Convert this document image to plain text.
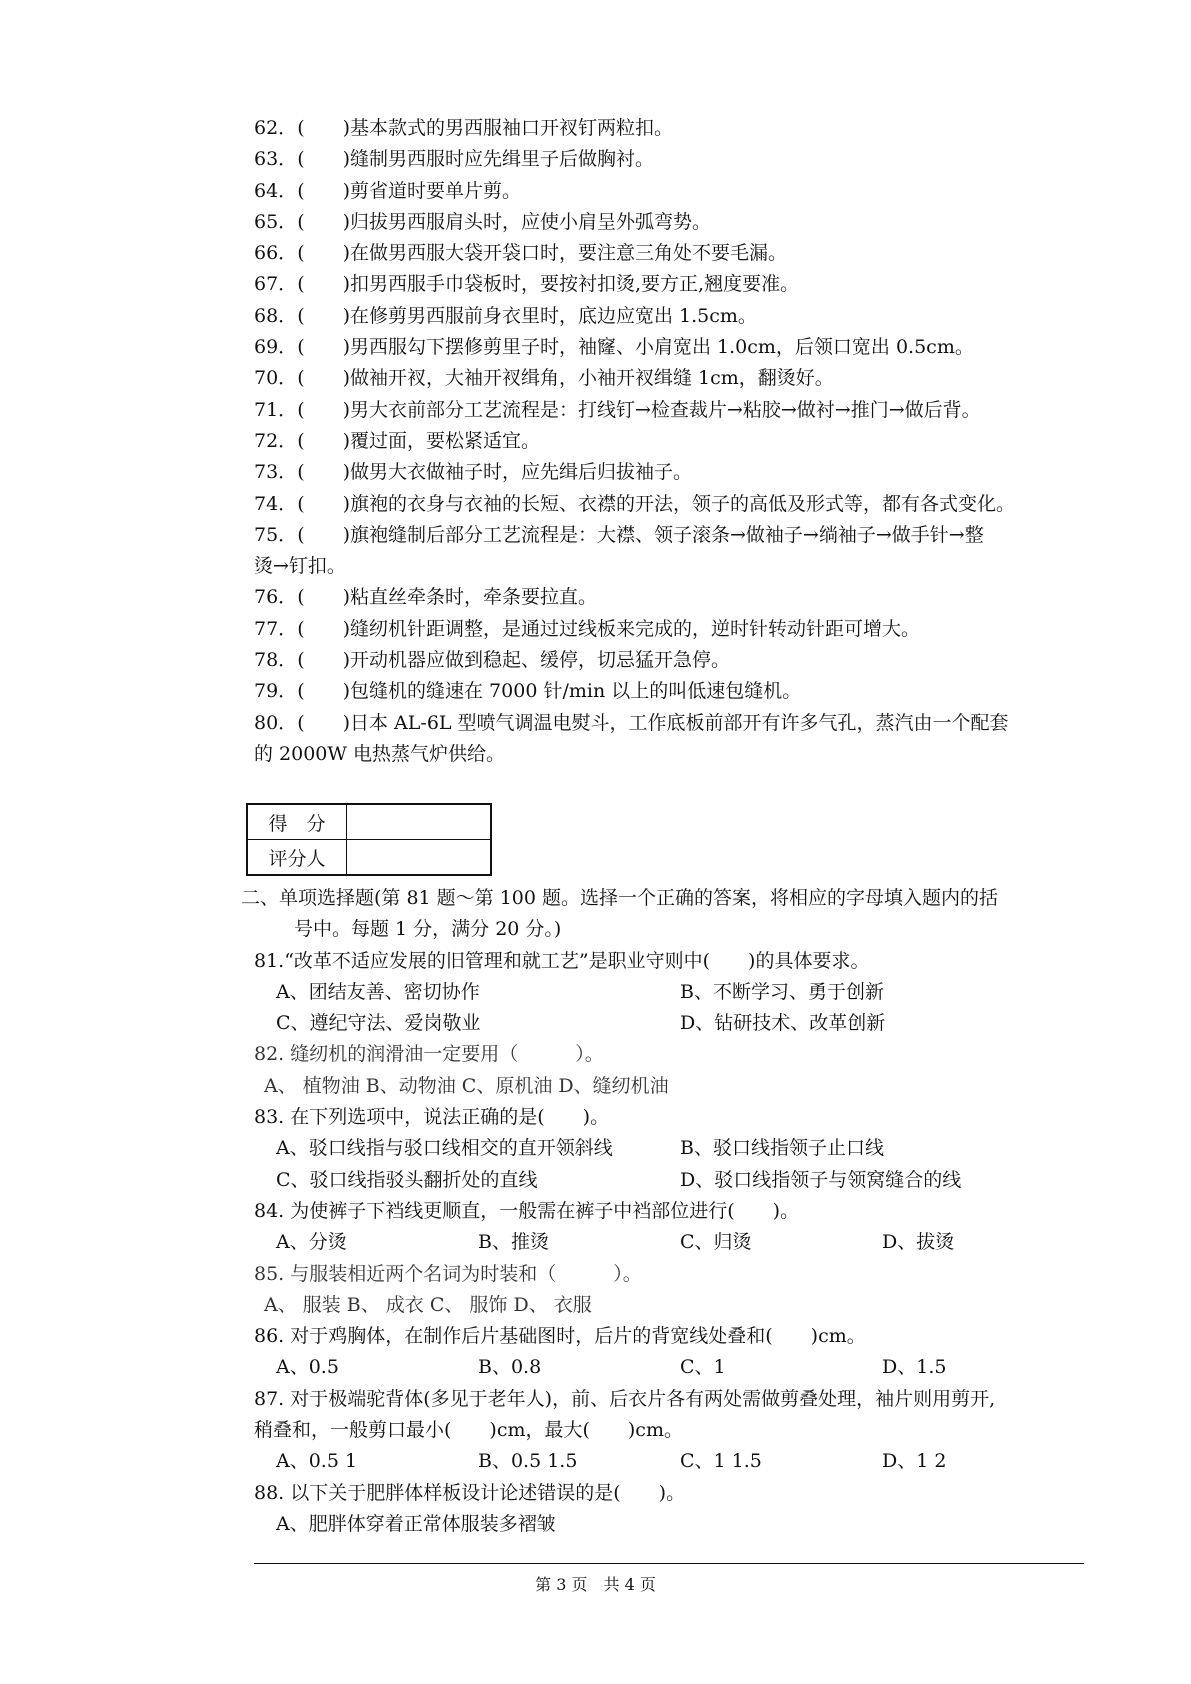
62．(　　)基本款式的男西服袖口开衩钉两粒扣。
63．(　　)缝制男西服时应先缉里子后做胸衬。
64．(　　)剪省道时要单片剪。
65．(　　)归拔男西服肩头时，应使小肩呈外弧弯势。
66．(　　)在做男西服大袋开袋口时，要注意三角处不要毛漏。
67．(　　)扣男西服手巾袋板时，要按衬扣烫,要方正,翘度要准。
68．(　　)在修剪男西服前身衣里时，底边应宽出 1.5cm。
69．(　　)男西服勾下摆修剪里子时，袖窿、小肩宽出 1.0cm，后领口宽出 0.5cm。
70．(　　)做袖开衩，大袖开衩缉角，小袖开衩缉缝 1cm，翻烫好。
71．(　　)男大衣前部分工艺流程是：打线钉→检查裁片→粘胶→做衬→推门→做后背。
72．(　　)覆过面，要松紧适宜。
73．(　　)做男大衣做袖子时，应先缉后归拔袖子。
74．(　　)旗袍的衣身与衣袖的长短、衣襟的开法，领子的高低及形式等，都有各式变化。
75．(　　)旗袍缝制后部分工艺流程是：大襟、领子滚条→做袖子→绱袖子→做手针→整
烫→钉扣。
76．(　　)粘直丝牵条时，牵条要拉直。
77．(　　)缝纫机针距调整，是通过过线板来完成的，逆时针转动针距可增大。
78．(　　)开动机器应做到稳起、缓停，切忌猛开急停。
79．(　　)包缝机的缝速在 7000 针/min 以上的叫低速包缝机。
80．(　　)日本 AL-6L 型喷气调温电熨斗，工作底板前部开有许多气孔，蒸汽由一个配套
的 2000W 电热蒸气炉供给。
得　分	
评分人	
二、单项选择题(第 81 题～第 100 题。选择一个正确的答案，将相应的字母填入题内的括
号中。每题 1 分，满分 20 分。)
81.“改革不适应发展的旧管理和就工艺”是职业守则中(　　)的具体要求。
A、团结友善、密切协作	B、不断学习、勇于创新
C、遵纪守法、爱岗敬业	D、钻研技术、改革创新
82. 缝纫机的润滑油一定要用（　　　）。
A、 植物油 B、动物油 C、原机油 D、缝纫机油
83. 在下列选项中，说法正确的是(　　)。
A、驳口线指与驳口线相交的直开领斜线	B、驳口线指领子止口线
C、驳口线指驳头翻折处的直线	D、驳口线指领子与领窝缝合的线
84. 为使裤子下裆线更顺直，一般需在裤子中裆部位进行(　　)。
A、分烫	B、推烫	C、归烫	D、拔烫
85. 与服装相近两个名词为时装和（　　　）。
A、 服装 B、 成衣 C、 服饰 D、 衣服
86. 对于鸡胸体，在制作后片基础图时，后片的背宽线处叠和(　　)cm。
A、0.5	B、0.8	C、1	D、1.5
87. 对于极端驼背体(多见于老年人)，前、后衣片各有两处需做剪叠处理，袖片则用剪开,
稍叠和，一般剪口最小(　　)cm，最大(　　)cm。
A、0.5 1	B、0.5 1.5	C、1 1.5	D、1 2
88. 以下关于肥胖体样板设计论述错误的是(　　)。
A、肥胖体穿着正常体服装多褶皱
第 3 页　共 4 页
